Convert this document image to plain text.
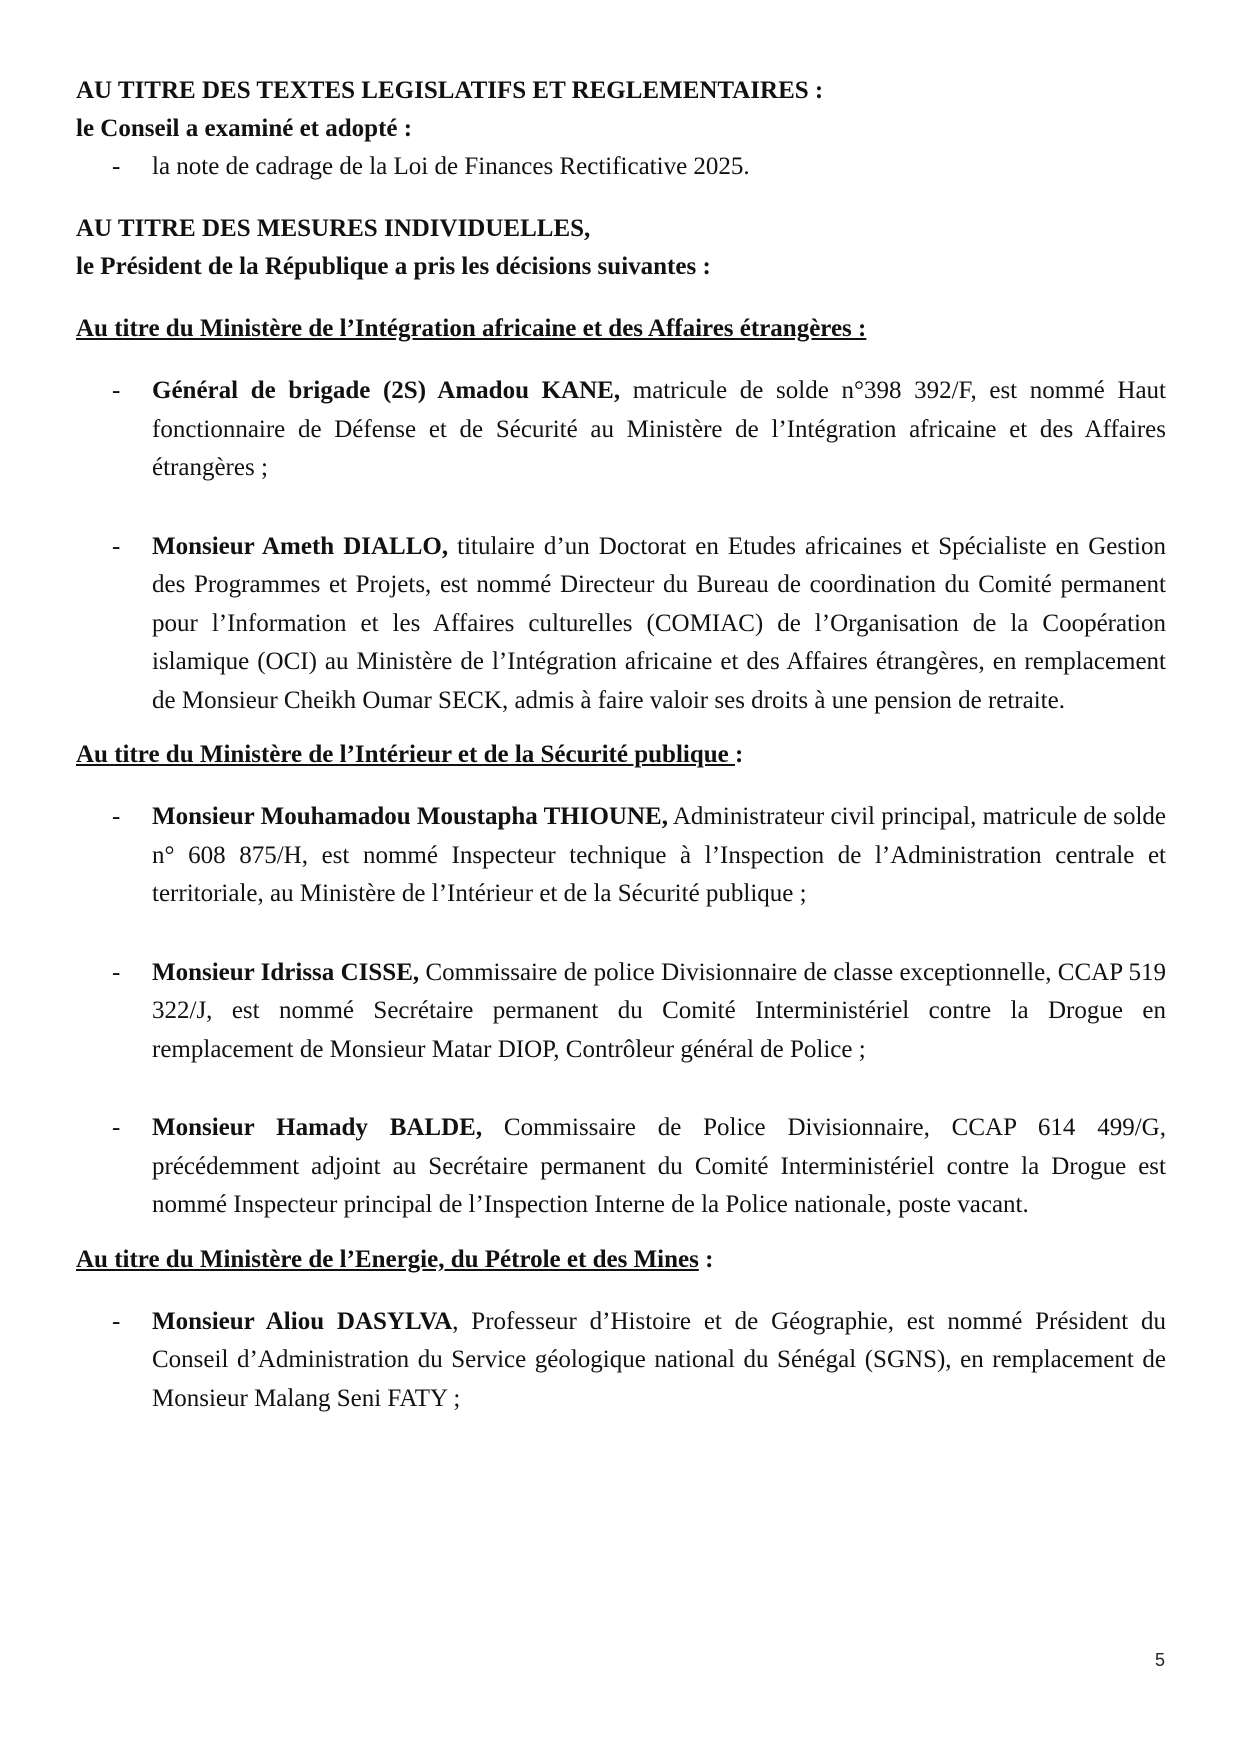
AU TITRE DES TEXTES LEGISLATIFS ET REGLEMENTAIRES :

le Conseil a examiné et adopté :

- la note de cadrage de la Loi de Finances Rectificative 2025.

AU TITRE DES MESURES INDIVIDUELLES,

le Président de la République a pris les décisions suivantes :

Au titre du Ministère de l’Intégration africaine et des Affaires étrangères :

- Général de brigade (2S) Amadou KANE, matricule de solde n°398 392/F, est nommé Haut fonctionnaire de Défense et de Sécurité au Ministère de l’Intégration africaine et des Affaires étrangères ;

- Monsieur Ameth DIALLO, titulaire d’un Doctorat en Etudes africaines et Spécialiste en Gestion des Programmes et Projets, est nommé Directeur du Bureau de coordination du Comité permanent pour l’Information et les Affaires culturelles (COMIAC) de l’Organisation de la Coopération islamique (OCI) au Ministère de l’Intégration africaine et des Affaires étrangères, en remplacement de Monsieur Cheikh Oumar SECK, admis à faire valoir ses droits à une pension de retraite.

Au titre du Ministère de l’Intérieur et de la Sécurité publique :

- Monsieur Mouhamadou Moustapha THIOUNE, Administrateur civil principal, matricule de solde n° 608 875/H, est nommé Inspecteur technique à l’Inspection de l’Administration centrale et territoriale, au Ministère de l’Intérieur et de la Sécurité publique ;

- Monsieur Idrissa CISSE, Commissaire de police Divisionnaire de classe exceptionnelle, CCAP 519 322/J, est nommé Secrétaire permanent du Comité Interministériel contre la Drogue en remplacement de Monsieur Matar DIOP, Contrôleur général de Police ;

- Monsieur Hamady BALDE, Commissaire de Police Divisionnaire, CCAP 614 499/G, précédemment adjoint au Secrétaire permanent du Comité Interministériel contre la Drogue est nommé Inspecteur principal de l’Inspection Interne de la Police nationale, poste vacant.

Au titre du Ministère de l’Energie, du Pétrole et des Mines :

- Monsieur Aliou DASYLVA, Professeur d’Histoire et de Géographie, est nommé Président du Conseil d’Administration du Service géologique national du Sénégal (SGNS), en remplacement de Monsieur Malang Seni FATY ;

5
